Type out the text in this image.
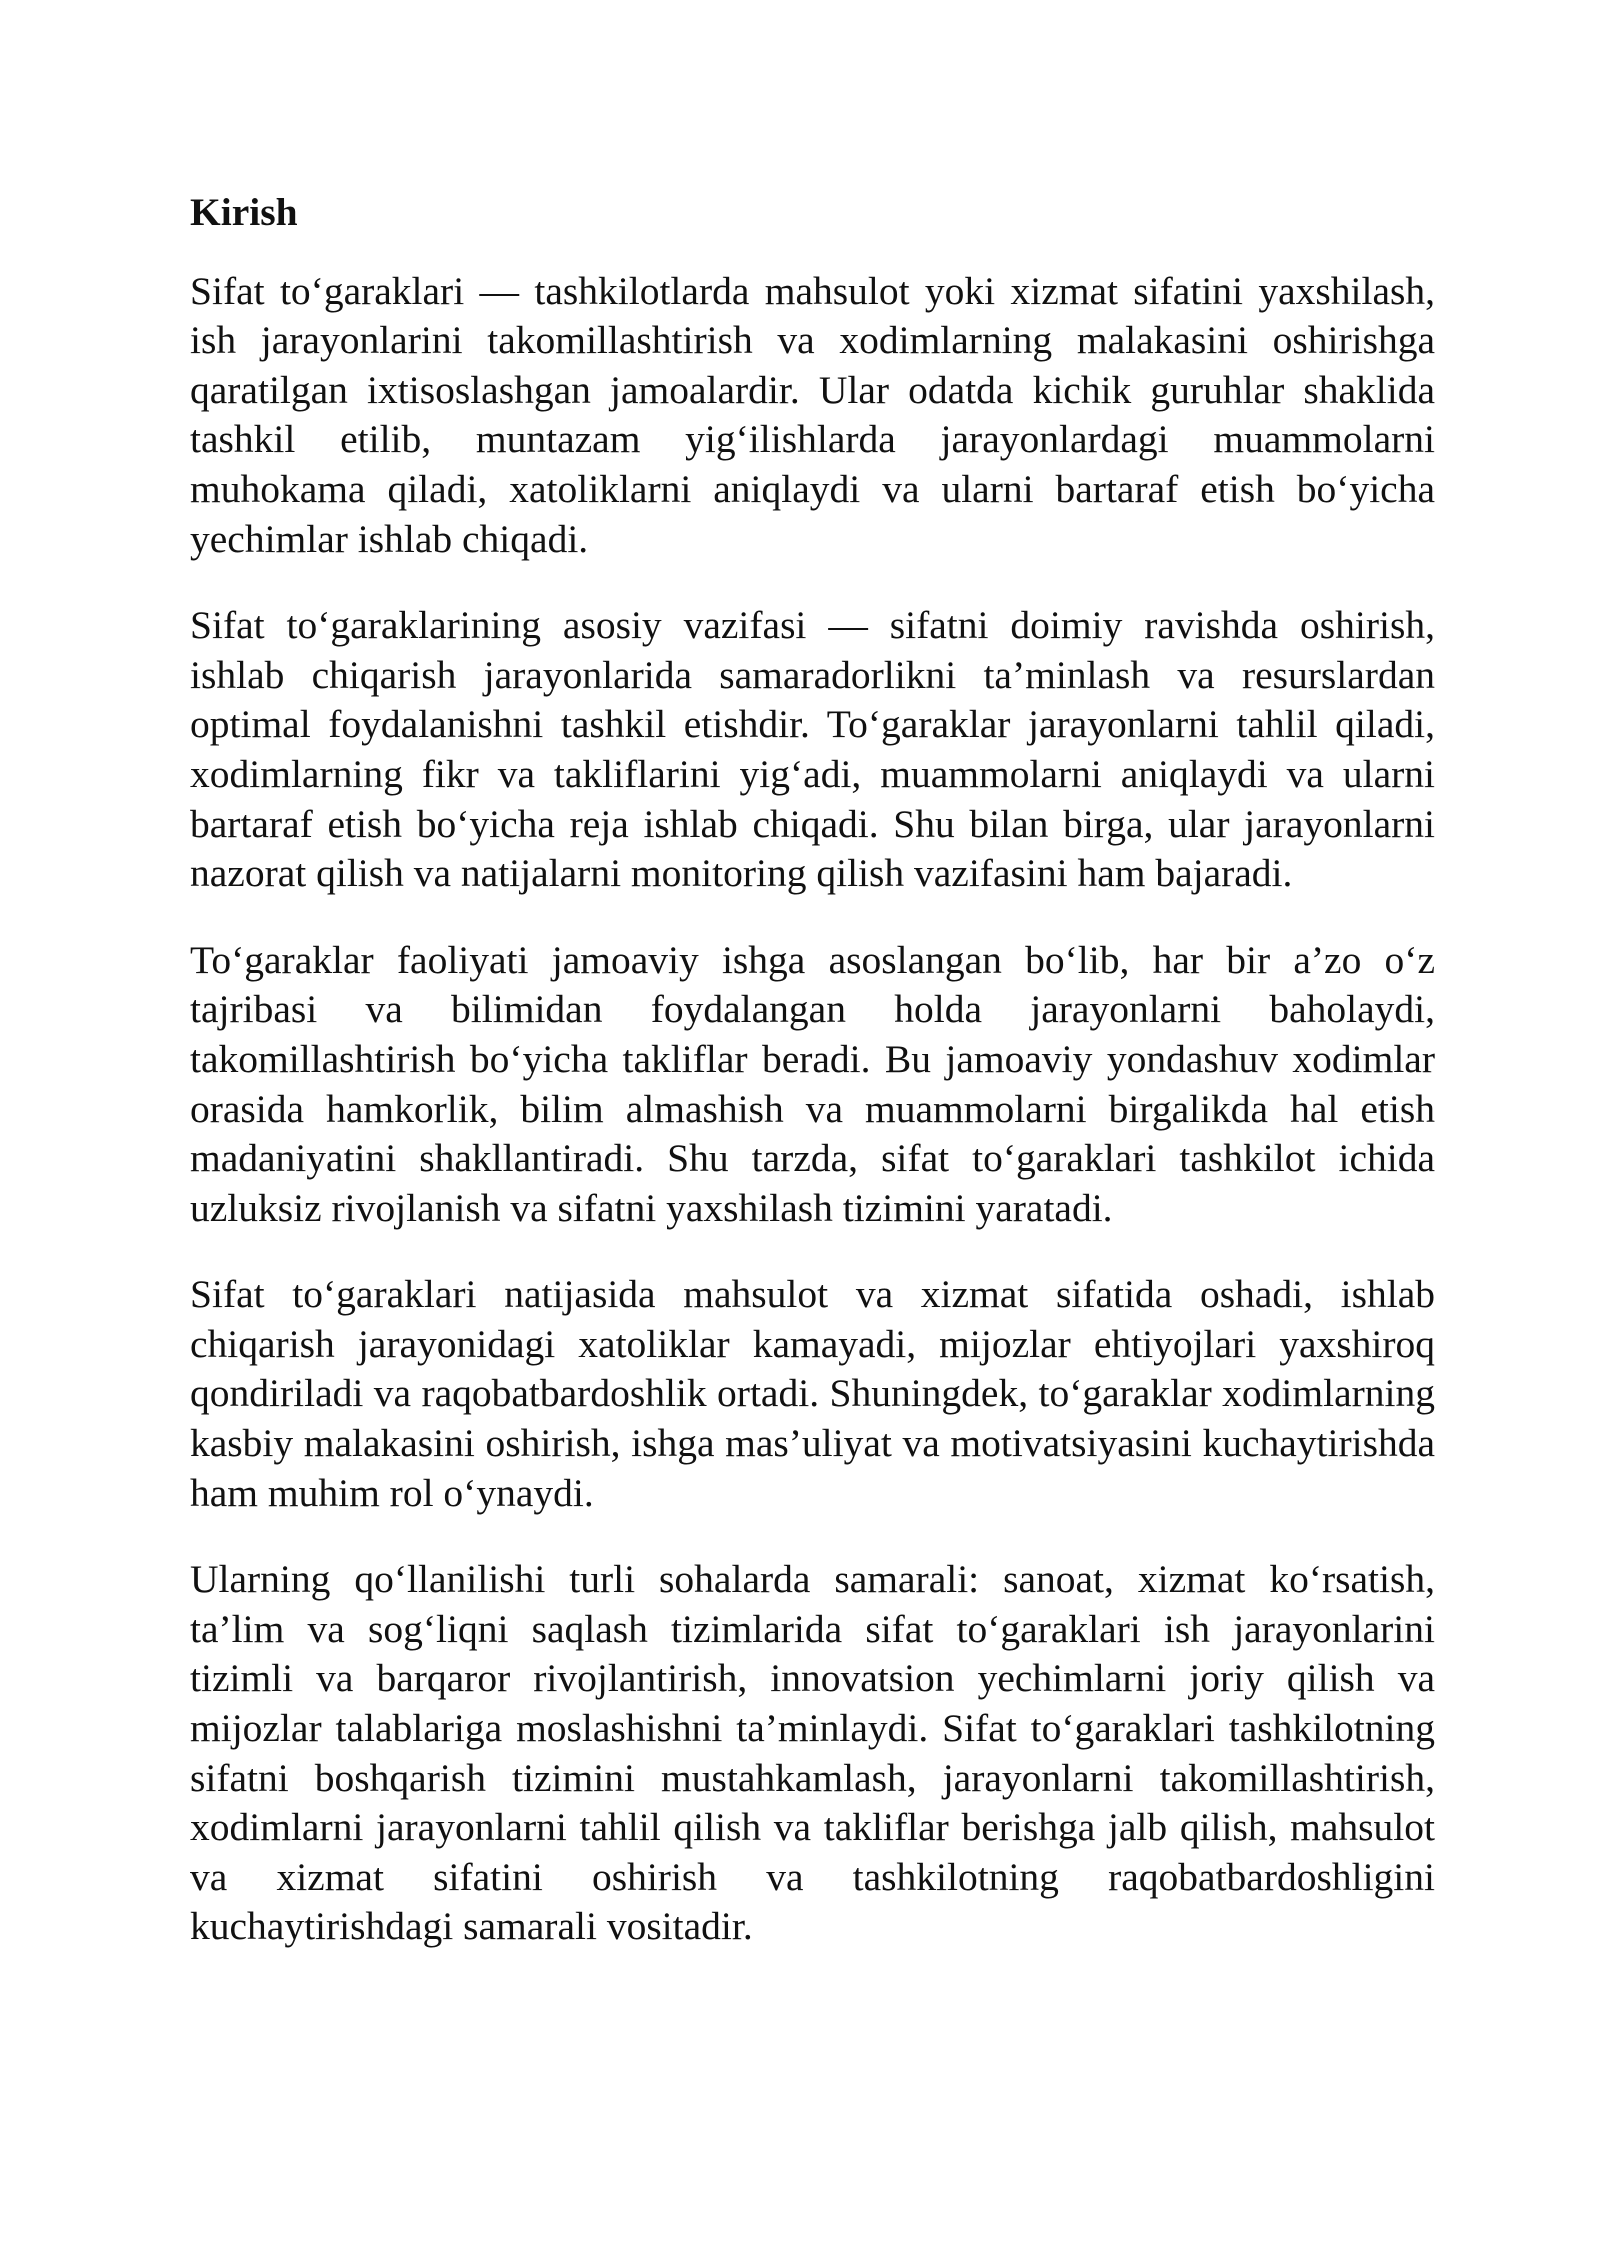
Kirish

Sifat to‘garaklari — tashkilotlarda mahsulot yoki xizmat sifatini yaxshilash, ish jarayonlarini takomillashtirish va xodimlarning malakasini oshirishga qaratilgan ixtisoslashgan jamoalardir. Ular odatda kichik guruhlar shaklida tashkil etilib, muntazam yig‘ilishlarda jarayonlardagi muammolarni muhokama qiladi, xatoliklarni aniqlaydi va ularni bartaraf etish bo‘yicha yechimlar ishlab chiqadi.

Sifat to‘garaklarining asosiy vazifasi — sifatni doimiy ravishda oshirish, ishlab chiqarish jarayonlarida samaradorlikni ta’minlash va resurslardan optimal foydalanishni tashkil etishdir. To‘garaklar jarayonlarni tahlil qiladi, xodimlarning fikr va takliflarini yig‘adi, muammolarni aniqlaydi va ularni bartaraf etish bo‘yicha reja ishlab chiqadi. Shu bilan birga, ular jarayonlarni nazorat qilish va natijalarni monitoring qilish vazifasini ham bajaradi.

To‘garaklar faoliyati jamoaviy ishga asoslangan bo‘lib, har bir a’zo o‘z tajribasi va bilimidan foydalangan holda jarayonlarni baholaydi, takomillashtirish bo‘yicha takliflar beradi. Bu jamoaviy yondashuv xodimlar orasida hamkorlik, bilim almashish va muammolarni birgalikda hal etish madaniyatini shakllantiradi. Shu tarzda, sifat to‘garaklari tashkilot ichida uzluksiz rivojlanish va sifatni yaxshilash tizimini yaratadi.

Sifat to‘garaklari natijasida mahsulot va xizmat sifatida oshadi, ishlab chiqarish jarayonidagi xatoliklar kamayadi, mijozlar ehtiyojlari yaxshiroq qondiriladi va raqobatbardoshlik ortadi. Shuningdek, to‘garaklar xodimlarning kasbiy malakasini oshirish, ishga mas’uliyat va motivatsiyasini kuchaytirishda ham muhim rol o‘ynaydi.

Ularning qo‘llanilishi turli sohalarda samarali: sanoat, xizmat ko‘rsatish, ta’lim va sog‘liqni saqlash tizimlarida sifat to‘garaklari ish jarayonlarini tizimli va barqaror rivojlantirish, innovatsion yechimlarni joriy qilish va mijozlar talablariga moslashishni ta’minlaydi. Sifat to‘garaklari tashkilotning sifatni boshqarish tizimini mustahkamlash, jarayonlarni takomillashtirish, xodimlarni jarayonlarni tahlil qilish va takliflar berishga jalb qilish, mahsulot va xizmat sifatini oshirish va tashkilotning raqobatbardoshligini kuchaytirishdagi samarali vositadir.
